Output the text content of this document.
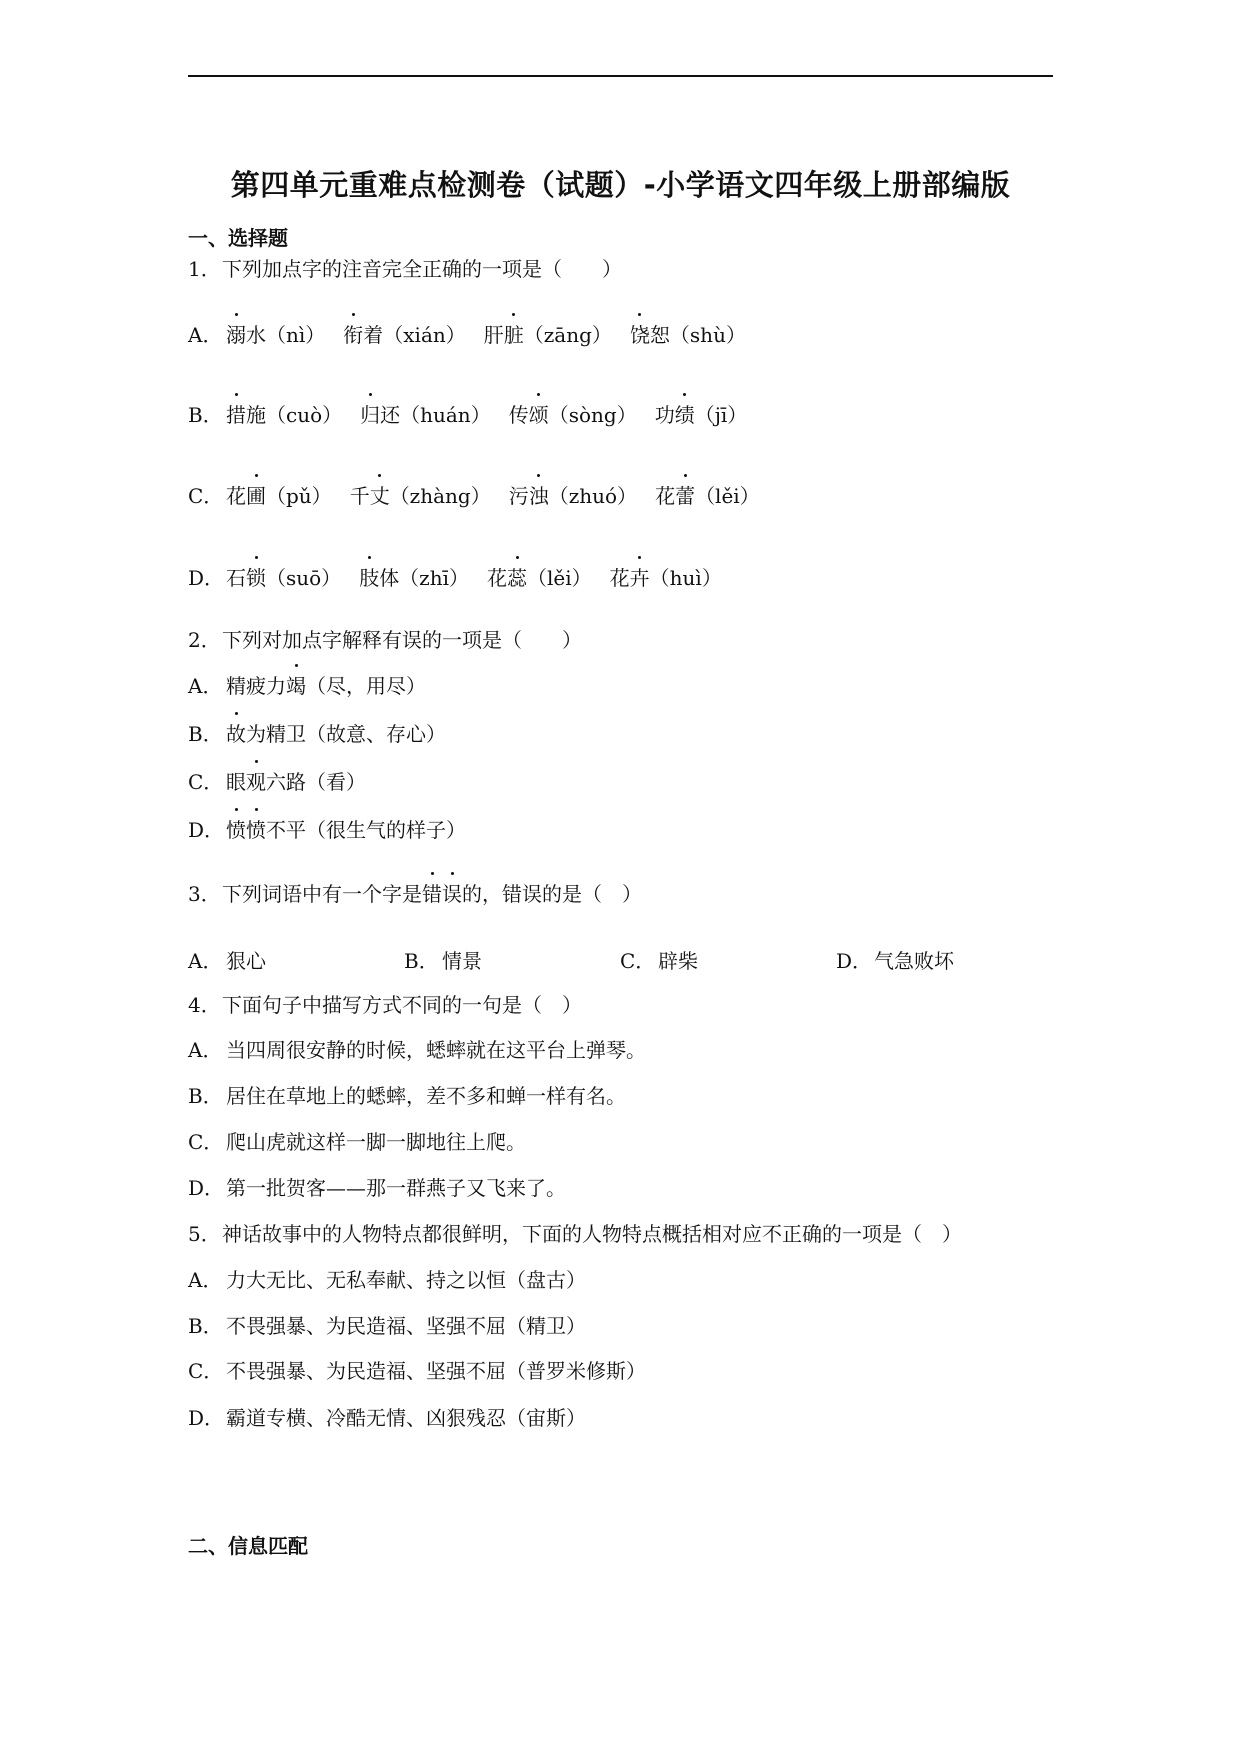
第四单元重难点检测卷（试题）-小学语文四年级上册部编版
一、选择题
1．下列加点字的注音完全正确的一项是（　　）
A． 溺水（nì） 衔着（xián） 肝脏（zāng） 饶恕（shù）
B． 措施（cuò） 归还（huán） 传颂（sòng） 功绩（jī）
C． 花圃（pǔ） 千丈（zhàng） 污浊（zhuó） 花蕾（lěi）
D．石锁（suō） 肢体（zhī） 花蕊（lěi） 花卉（huì）
2．下列对加点字解释有误的一项是（　　）
A． 精疲力竭（尽，用尽）
B． 故为精卫（故意、存心）
C． 眼观六路（看）
D．愤愤不平（很生气的样子）
3．下列词语中有一个字是错误的，错误的是（　）
A． 狠心	B． 情景	C． 辟柴	D．气急败坏
4．下面句子中描写方式不同的一句是（　）
A． 当四周很安静的时候，蟋蟀就在这平台上弹琴。
B． 居住在草地上的蟋蟀，差不多和蝉一样有名。
C． 爬山虎就这样一脚一脚地往上爬。
D．第一批贺客——那一群燕子又飞来了。
5．神话故事中的人物特点都很鲜明，下面的人物特点概括相对应不正确的一项是（　）
A． 力大无比、无私奉献、持之以恒（盘古）
B． 不畏强暴、为民造福、坚强不屈（精卫）
C． 不畏强暴、为民造福、坚强不屈（普罗米修斯）
D．霸道专横、冷酷无情、凶狠残忍（宙斯）
二、信息匹配
